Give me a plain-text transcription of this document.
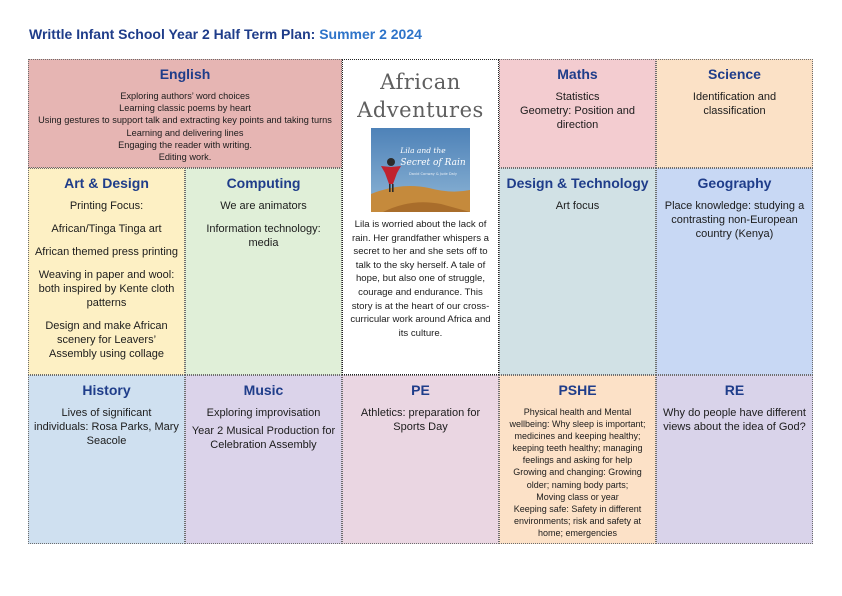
Writtle Infant School Year 2 Half Term Plan: Summer 2 2024
English

Exploring authors’ word choices

Learning classic poems by heart

Using gestures to support talk and extracting key points and taking turns

Learning and delivering lines

Engaging the reader with writing.

Editing work.

African
Adventures
Lila and the
Secret of Rain
David Conway & Jude Daly

Lila is worried about the lack of rain. Her grandfather whispers a secret to her and she sets off to talk to the sky herself. A tale of hope, but also one of struggle, courage and endurance. This story is at the heart of our cross-curricular work around Africa and its culture.

Maths

Statistics

Geometry: Position and direction

Science

Identification and classification

Art & Design

Printing Focus:

African/Tinga Tinga art

African themed press printing

Weaving in paper and wool: both inspired by Kente cloth patterns

Design and make African scenery for Leavers’ Assembly using collage

Computing

We are animators

Information technology: media

Design & Technology

Art focus

Geography

Place knowledge: studying a contrasting non-European country (Kenya)

History

Lives of significant individuals: Rosa Parks, Mary Seacole

Music

Exploring improvisation

Year 2 Musical Production for Celebration Assembly

PE

Athletics: preparation for Sports Day

PSHE

Physical health and Mental wellbeing: Why sleep is important; medicines and keeping healthy; keeping teeth healthy; managing feelings and asking for help

Growing and changing: Growing older; naming body parts;

Moving class or year

Keeping safe: Safety in different environments; risk and safety at home; emergencies

RE

Why do people have different views about the idea of God?
